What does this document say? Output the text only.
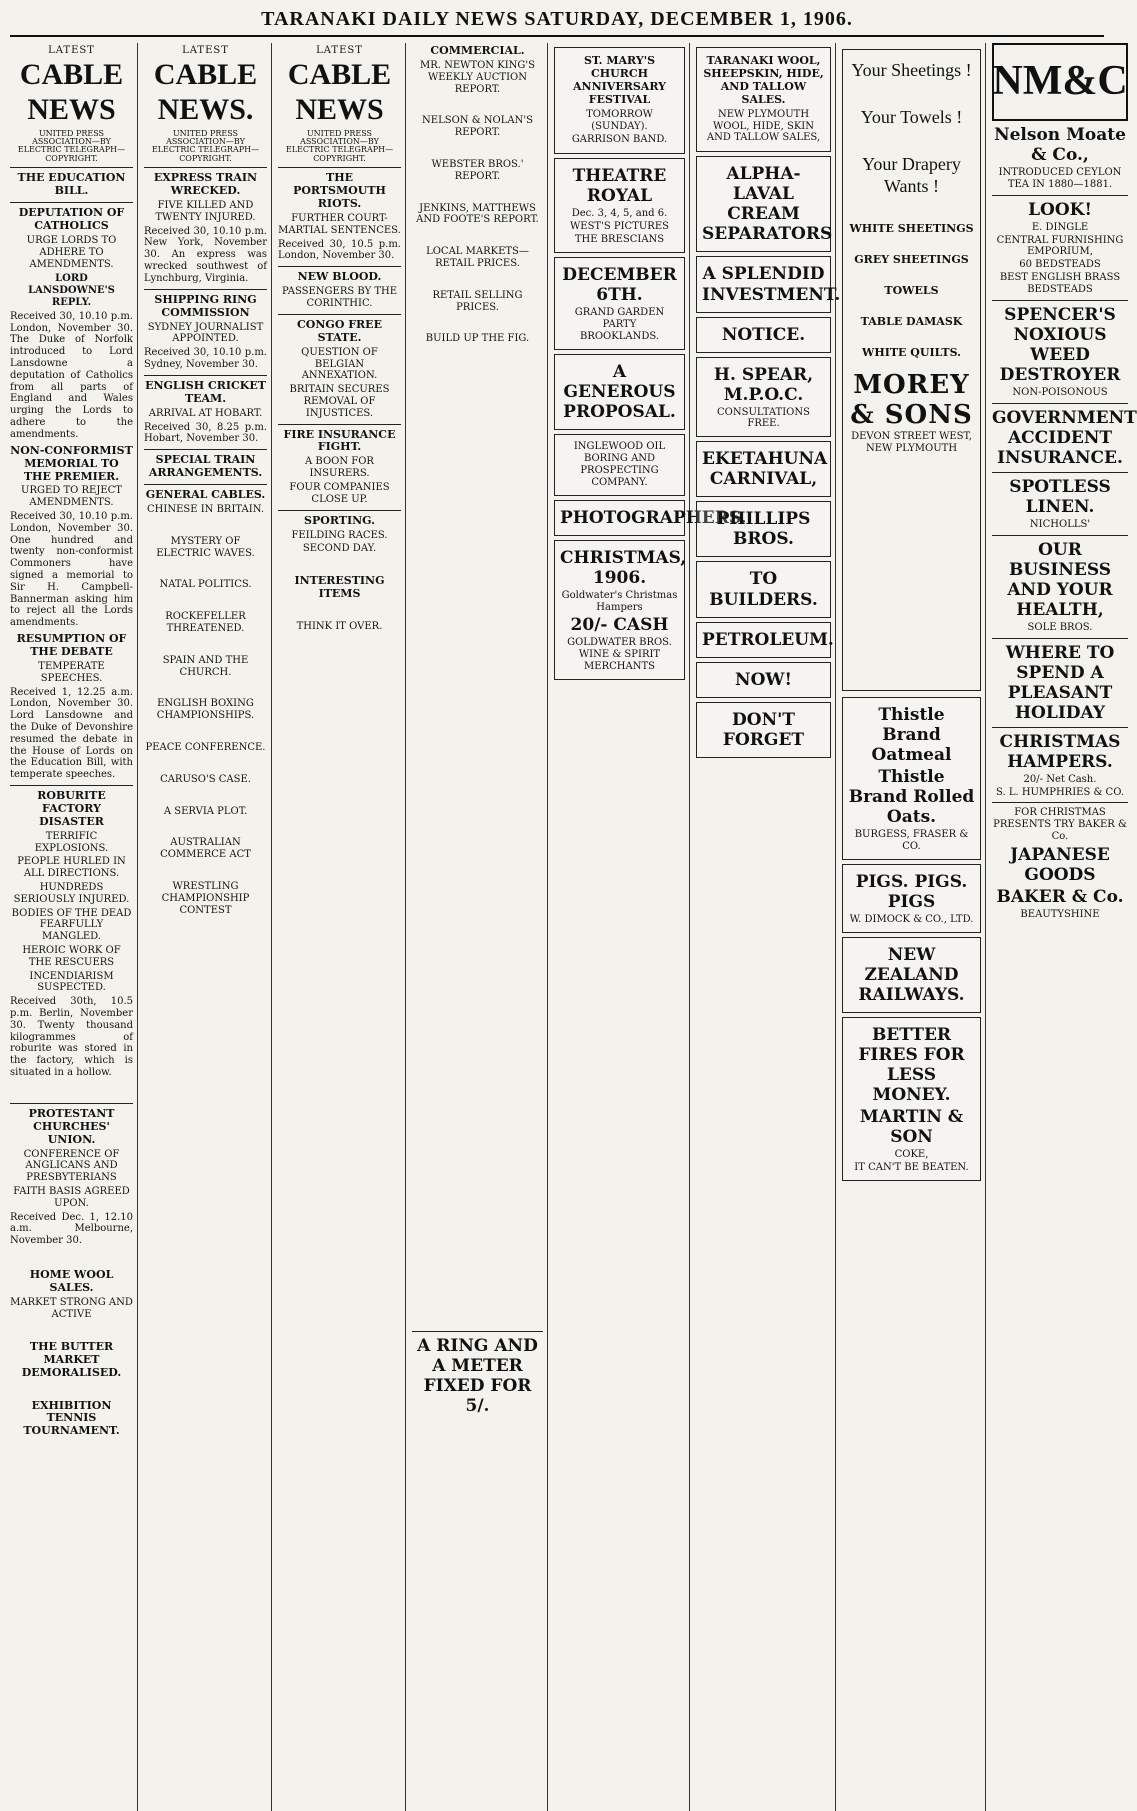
TARANAKI DAILY NEWS SATURDAY, DECEMBER 1, 1906.
LATEST
CABLE NEWS
UNITED PRESS ASSOCIATION—BY ELECTRIC TELEGRAPH—COPYRIGHT.
THE EDUCATION BILL.
DEPUTATION OF CATHOLICS
URGE LORDS TO ADHERE TO AMENDMENTS.
LORD LANSDOWNE'S REPLY.
Received 30, 10.10 p.m. London, November 30. The Duke of Norfolk introduced to Lord Lansdowne a deputation of Catholics from all parts of England and Wales urging the Lords to adhere to the amendments.
NON-CONFORMIST MEMORIAL TO THE PREMIER.
URGED TO REJECT AMENDMENTS.
Received 30, 10.10 p.m. London, November 30. One hundred and twenty non-conformist Commoners have signed a memorial to Sir H. Campbell-Bannerman asking him to reject all the Lords amendments.
RESUMPTION OF THE DEBATE
TEMPERATE SPEECHES.
Received 1, 12.25 a.m. London, November 30. Lord Lansdowne and the Duke of Devonshire resumed the debate in the House of Lords on the Education Bill, with temperate speeches.
ROBURITE FACTORY DISASTER
TERRIFIC EXPLOSIONS.
PEOPLE HURLED IN ALL DIRECTIONS.
HUNDREDS SERIOUSLY INJURED.
BODIES OF THE DEAD FEARFULLY MANGLED.
HEROIC WORK OF THE RESCUERS
INCENDIARISM SUSPECTED.
Received 30th, 10.5 p.m. Berlin, November 30. Twenty thousand kilogrammes of roburite was stored in the factory, which is situated in a hollow.
PROTESTANT CHURCHES' UNION.
CONFERENCE OF ANGLICANS AND PRESBYTERIANS
FAITH BASIS AGREED UPON.
Received Dec. 1, 12.10 a.m. Melbourne, November 30.
HOME WOOL SALES.
MARKET STRONG AND ACTIVE
THE BUTTER MARKET DEMORALISED.
EXHIBITION TENNIS TOURNAMENT.
LATEST
CABLE NEWS.
UNITED PRESS ASSOCIATION—BY ELECTRIC TELEGRAPH—COPYRIGHT.
EXPRESS TRAIN WRECKED.
FIVE KILLED AND TWENTY INJURED.
Received 30, 10.10 p.m. New York, November 30. An express was wrecked southwest of Lynchburg, Virginia.
SHIPPING RING COMMISSION
SYDNEY JOURNALIST APPOINTED.
Received 30, 10.10 p.m. Sydney, November 30.
ENGLISH CRICKET TEAM.
ARRIVAL AT HOBART.
Received 30, 8.25 p.m. Hobart, November 30.
SPECIAL TRAIN ARRANGEMENTS.
GENERAL CABLES.
CHINESE IN BRITAIN.
MYSTERY OF ELECTRIC WAVES.
NATAL POLITICS.
ROCKEFELLER THREATENED.
SPAIN AND THE CHURCH.
ENGLISH BOXING CHAMPIONSHIPS.
PEACE CONFERENCE.
CARUSO'S CASE.
A SERVIA PLOT.
AUSTRALIAN COMMERCE ACT
WRESTLING CHAMPIONSHIP CONTEST
LATEST
CABLE NEWS
UNITED PRESS ASSOCIATION—BY ELECTRIC TELEGRAPH—COPYRIGHT.
THE PORTSMOUTH RIOTS.
FURTHER COURT-MARTIAL SENTENCES.
Received 30, 10.5 p.m. London, November 30.
NEW BLOOD.
PASSENGERS BY THE CORINTHIC.
CONGO FREE STATE.
QUESTION OF BELGIAN ANNEXATION.
BRITAIN SECURES REMOVAL OF INJUSTICES.
FIRE INSURANCE FIGHT.
A BOON FOR INSURERS.
FOUR COMPANIES CLOSE UP.
SPORTING.
FEILDING RACES.
SECOND DAY.
INTERESTING ITEMS
THINK IT OVER.
COMMERCIAL.
MR. NEWTON KING'S WEEKLY AUCTION REPORT.
NELSON & NOLAN'S REPORT.
WEBSTER BROS.' REPORT.
JENKINS, MATTHEWS AND FOOTE'S REPORT.
LOCAL MARKETS—RETAIL PRICES.
RETAIL SELLING PRICES.
BUILD UP THE FIG.
A RING AND A METER FIXED FOR 5/.
ST. MARY'S CHURCH ANNIVERSARY FESTIVAL
TOMORROW (SUNDAY).
GARRISON BAND.
THEATRE ROYAL
Dec. 3, 4, 5, and 6.
WEST'S PICTURES
THE BRESCIANS
DECEMBER 6TH.
GRAND GARDEN PARTY
BROOKLANDS.
A GENEROUS PROPOSAL.
INGLEWOOD OIL BORING AND PROSPECTING COMPANY.
PHOTOGRAPHERS.
CHRISTMAS, 1906.
Goldwater's Christmas Hampers
20/- CASH
GOLDWATER BROS. WINE & SPIRIT MERCHANTS
TARANAKI WOOL, SHEEPSKIN, HIDE, AND TALLOW SALES.
NEW PLYMOUTH WOOL, HIDE, SKIN AND TALLOW SALES,
ALPHA-LAVAL CREAM SEPARATORS
A SPLENDID INVESTMENT.
NOTICE.
H. SPEAR, M.P.O.C.
CONSULTATIONS FREE.
EKETAHUNA CARNIVAL,
PHILLIPS BROS.
TO BUILDERS.
PETROLEUM.
NOW!
DON'T FORGET
Your Sheetings !
Your Towels !
Your Drapery Wants !
WHITE SHEETINGS
GREY SHEETINGS
TOWELS
TABLE DAMASK
WHITE QUILTS.
MOREY & SONS
DEVON STREET WEST,
NEW PLYMOUTH
Thistle Brand Oatmeal
Thistle Brand Rolled Oats.
BURGESS, FRASER & CO.
PIGS. PIGS. PIGS
W. DIMOCK & CO., LTD.
NEW ZEALAND RAILWAYS.
BETTER FIRES FOR LESS MONEY.
MARTIN & SON
COKE,
IT CAN'T BE BEATEN.
NM&C
Nelson Moate & Co.,
INTRODUCED CEYLON TEA IN 1880—1881.
LOOK!
E. DINGLE
CENTRAL FURNISHING EMPORIUM,
60 BEDSTEADS
BEST ENGLISH BRASS BEDSTEADS
SPENCER'S NOXIOUS WEED DESTROYER
NON-POISONOUS
GOVERNMENT ACCIDENT INSURANCE.
SPOTLESS LINEN.
NICHOLLS'
OUR BUSINESS AND YOUR HEALTH,
SOLE BROS.
WHERE TO SPEND A PLEASANT HOLIDAY
CHRISTMAS HAMPERS.
20/- Net Cash.
S. L. HUMPHRIES & CO.
FOR CHRISTMAS PRESENTS TRY BAKER & Co.
JAPANESE GOODS
BAKER & Co.
BEAUTYSHINE
